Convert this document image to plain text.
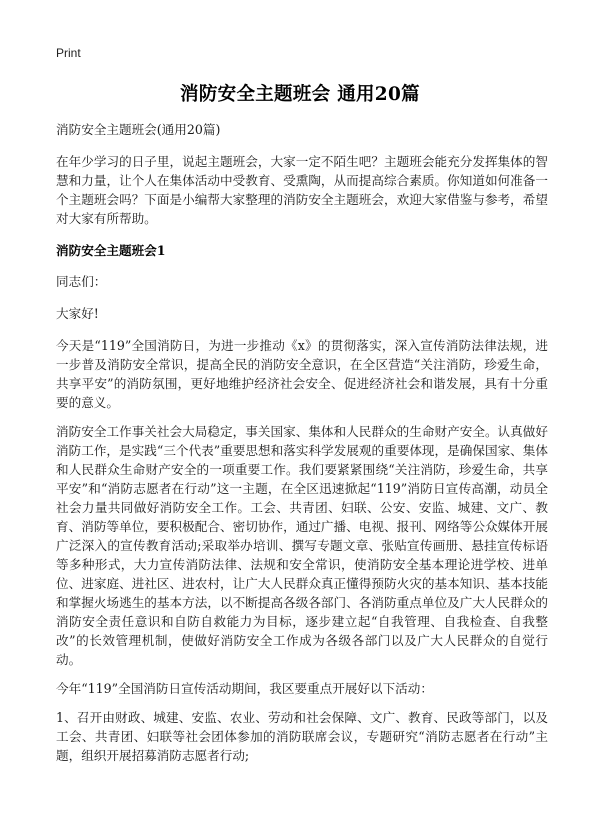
Print
消防安全主题班会 通用20篇

消防安全主题班会(通用20篇)

在年少学习的日子里，说起主题班会，大家一定不陌生吧？主题班会能充分发挥集体的智慧和力量，让个人在集体活动中受教育、受熏陶，从而提高综合素质。你知道如何准备一个主题班会吗？下面是小编帮大家整理的消防安全主题班会，欢迎大家借鉴与参考，希望对大家有所帮助。

消防安全主题班会1

同志们：

大家好!

今天是“119”全国消防日，为进一步推动《x》的贯彻落实，深入宣传消防法律法规，进一步普及消防安全常识，提高全民的消防安全意识，在全区营造“关注消防，珍爱生命，共享平安”的消防氛围，更好地维护经济社会安全、促进经济社会和谐发展，具有十分重要的意义。

消防安全工作事关社会大局稳定，事关国家、集体和人民群众的生命财产安全。认真做好消防工作，是实践“三个代表”重要思想和落实科学发展观的重要体现，是确保国家、集体和人民群众生命财产安全的一项重要工作。我们要紧紧围绕“关注消防，珍爱生命，共享平安”和“消防志愿者在行动”这一主题，在全区迅速掀起“119”消防日宣传高潮，动员全社会力量共同做好消防安全工作。工会、共青团、妇联、公安、安监、城建、文广、教育、消防等单位，要积极配合、密切协作，通过广播、电视、报刊、网络等公众媒体开展广泛深入的宣传教育活动;采取举办培训、撰写专题文章、张贴宣传画册、悬挂宣传标语等多种形式，大力宣传消防法律、法规和安全常识，使消防安全基本理论进学校、进单位、进家庭、进社区、进农村，让广大人民群众真正懂得预防火灾的基本知识、基本技能和掌握火场逃生的基本方法，以不断提高各级各部门、各消防重点单位及广大人民群众的消防安全责任意识和自防自救能力为目标，逐步建立起“自我管理、自我检查、自我整改”的长效管理机制，使做好消防安全工作成为各级各部门以及广大人民群众的自觉行动。

今年“119”全国消防日宣传活动期间，我区要重点开展好以下活动：

1、召开由财政、城建、安监、农业、劳动和社会保障、文广、教育、民政等部门，以及工会、共青团、妇联等社会团体参加的消防联席会议，专题研究“消防志愿者在行动”主题，组织开展招募消防志愿者行动;
